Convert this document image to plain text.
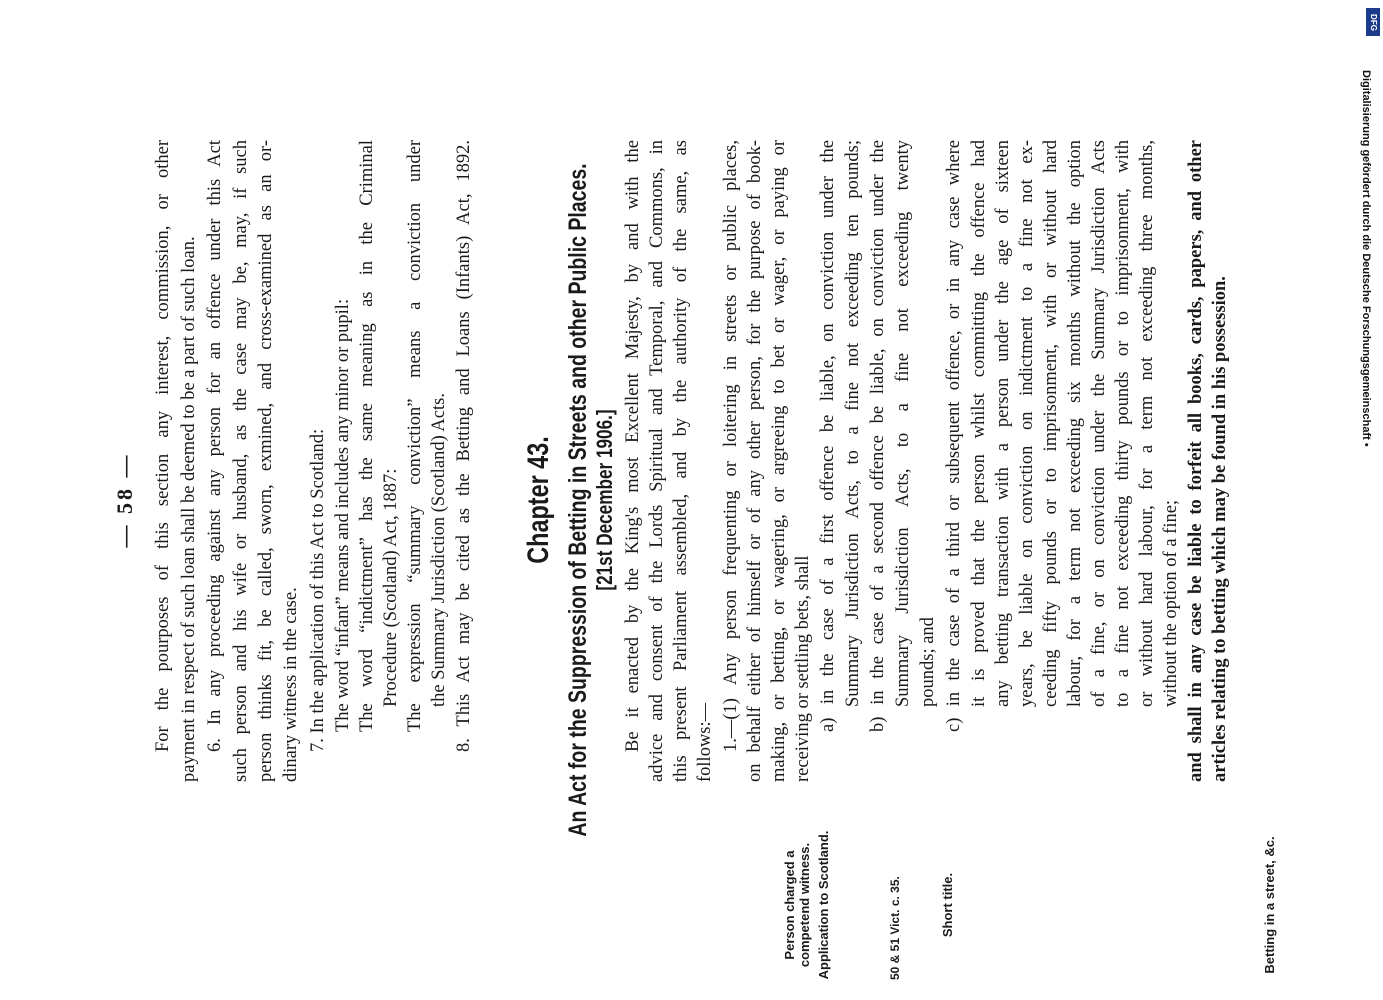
— 58 — For the pourposes of this section any interest, commission, or other payment in respect of such loan shall be deemed to be a part of such loan. 6. In any proceeding against any person for an offence under this Act such person and his wife or husband, as the case may be, may, if such person thinks fit, be called, sworn, exmined, and cross-examined as an or- dinary witness in the case. 7. In the application of this Act to Scotland: The word “infant” means and includes any minor or pupil: The word “indictment” has the same meaning as in the Criminal Procedure (Scotland) Act, 1887: The expression “summary conviction” means a conviction under the Summary Jurisdiction (Scotland) Acts. 8. This Act may be cited as the Betting and Loans (Infants) Act, 1892.
Person charged a competend witness. Application to Scotland.	50 & 51 Vict. c. 35.	Short title.	Betting in a street, &c.
Chapter 43. An Act for the Suppression of Betting in Streets and other Public Places. [21st December 1906.] Be it enacted by the King's most Excellent Majesty, by and with the advice and consent of the Lords Spiritual and Temporal, and Commons, in this present Parliament assembled, and by the authority of the same, as follows:— 1.—(1) Any person frequenting or loitering in streets or public places, on behalf either of himself or of any other person, for the purpose of book- making, or betting, or wagering, or argreeing to bet or wager, or paying or receiving or settling bets, shall a) in the case of a first offence be liable, on conviction under the Summary Jurisdiction Acts, to a fine not exceeding ten pounds; b) in the case of a second offence be liable, on conviction under the Summary Jurisdiction Acts, to a fine not exceeding twenty pounds; and c) in the case of a third or subsequent offence, or in any case where it is proved that the person whilst committing the offence had any betting transaction with a person under the age of sixteen years, be liable on conviction on indictment to a fine not ex- ceeding fifty pounds or to imprisonment, with or without hard labour, for a term not exceeding six months without the option of a fine, or on conviction under the Summary Jurisdiction Acts to a fine not exceeding thirty pounds or to imprisonment, with or without hard labour, for a term not exceeding three months, without the option of a fine; and shall in any case be liable to forfeit all books, cards, papers, and other articles relating to betting which may be found in his possession.
DFG
Digitalisierung gefördert durch die Deutsche Forschungsgemeinschaft •
